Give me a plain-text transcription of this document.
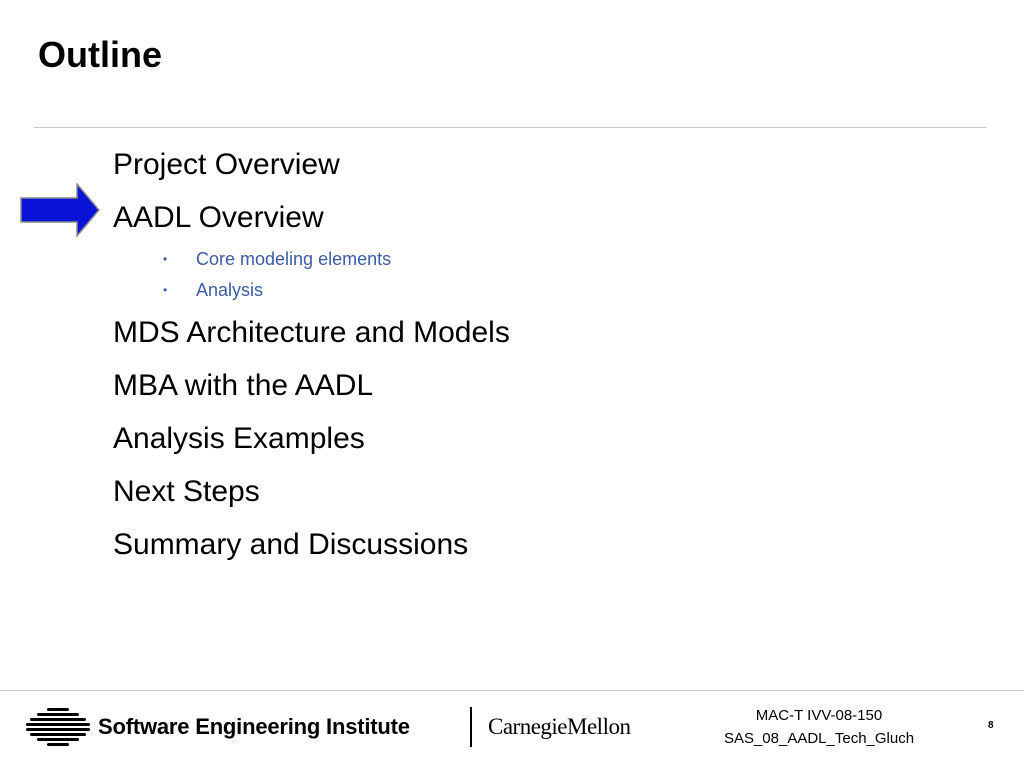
Outline
Project Overview
AADL Overview
• Core modeling elements
• Analysis
MDS Architecture and Models
MBA with the AADL
Analysis Examples
Next Steps
Summary and Discussions
Software Engineering Institute	CarnegieMellon	MAC-T IVV-08-150
SAS_08_AADL_Tech_Gluch
8
